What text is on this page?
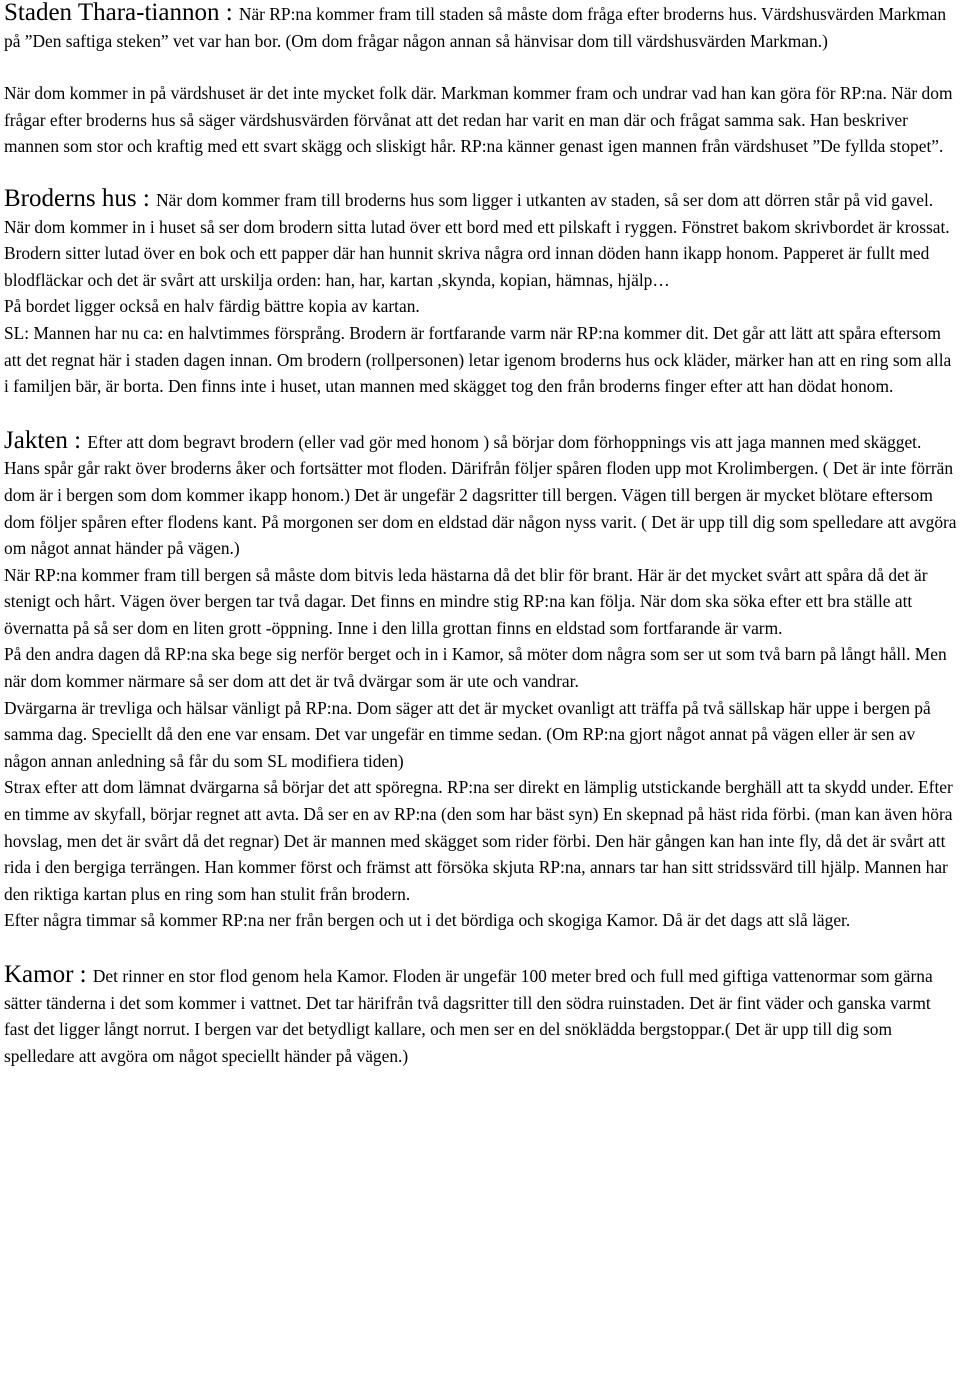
Staden Thara-tiannon : När RP:na kommer fram till staden så måste dom fråga efter broderns hus. Värdshusvärden Markman på ”Den saftiga steken” vet var han bor. (Om dom frågar någon annan så hänvisar dom till värdshusvärden Markman.)

När dom kommer in på värdshuset är det inte mycket folk där. Markman kommer fram och undrar vad han kan göra för RP:na. När dom frågar efter broderns hus så säger värdshusvärden förvånat att det redan har varit en man där och frågat samma sak. Han beskriver mannen som stor och kraftig med ett svart skägg och sliskigt hår. RP:na känner genast igen mannen från värdshuset ”De fyllda stopet”.

Broderns hus : När dom kommer fram till broderns hus som ligger i utkanten av staden, så ser dom att dörren står på vid gavel. När dom kommer in i huset så ser dom brodern sitta lutad över ett bord med ett pilskaft i ryggen. Fönstret bakom skrivbordet är krossat. Brodern sitter lutad över en bok och ett papper där han hunnit skriva några ord innan döden hann ikapp honom. Papperet är fullt med blodfläckar och det är svårt att urskilja orden: han, har, kartan ,skynda, kopian, hämnas, hjälp…

På bordet ligger också en halv färdig bättre kopia av kartan.

SL: Mannen har nu ca: en halvtimmes försprång. Brodern är fortfarande varm när RP:na kommer dit. Det går att lätt att spåra eftersom att det regnat här i staden dagen innan. Om brodern (rollpersonen) letar igenom broderns hus ock kläder, märker han att en ring som alla i familjen bär, är borta. Den finns inte i huset, utan mannen med skägget tog den från broderns finger efter att han dödat honom.

Jakten : Efter att dom begravt brodern (eller vad gör med honom ) så börjar dom förhoppnings vis att jaga mannen med skägget. Hans spår går rakt över broderns åker och fortsätter mot floden. Därifrån följer spåren floden upp mot Krolimbergen. ( Det är inte förrän dom är i bergen som dom kommer ikapp honom.) Det är ungefär 2 dagsritter till bergen. Vägen till bergen är mycket blötare eftersom dom följer spåren efter flodens kant. På morgonen ser dom en eldstad där någon nyss varit. ( Det är upp till dig som spelledare att avgöra om något annat händer på vägen.)

När RP:na kommer fram till bergen så måste dom bitvis leda hästarna då det blir för brant. Här är det mycket svårt att spåra då det är stenigt och hårt. Vägen över bergen tar två dagar. Det finns en mindre stig RP:na kan följa. När dom ska söka efter ett bra ställe att övernatta på så ser dom en liten grott -öppning. Inne i den lilla grottan finns en eldstad som fortfarande är varm.

På den andra dagen då RP:na ska bege sig nerför berget och in i Kamor, så möter dom några som ser ut som två barn på långt håll. Men när dom kommer närmare så ser dom att det är två dvärgar som är ute och vandrar.

Dvärgarna är trevliga och hälsar vänligt på RP:na. Dom säger att det är mycket ovanligt att träffa på två sällskap här uppe i bergen på samma dag. Speciellt då den ene var ensam. Det var ungefär en timme sedan. (Om RP:na gjort något annat på vägen eller är sen av någon annan anledning så får du som SL modifiera tiden)

Strax efter att dom lämnat dvärgarna så börjar det att spöregna. RP:na ser direkt en lämplig utstickande berghäll att ta skydd under. Efter en timme av skyfall, börjar regnet att avta. Då ser en av RP:na (den som har bäst syn) En skepnad på häst rida förbi. (man kan även höra hovslag, men det är svårt då det regnar) Det är mannen med skägget som rider förbi. Den här gången kan han inte fly, då det är svårt att rida i den bergiga terrängen. Han kommer först och främst att försöka skjuta RP:na, annars tar han sitt stridssvärd till hjälp. Mannen har den riktiga kartan plus en ring som han stulit från brodern.

Efter några timmar så kommer RP:na ner från bergen och ut i det bördiga och skogiga Kamor. Då är det dags att slå läger.

Kamor : Det rinner en stor flod genom hela Kamor. Floden är ungefär 100 meter bred och full med giftiga vattenormar som gärna sätter tänderna i det som kommer i vattnet. Det tar härifrån två dagsritter till den södra ruinstaden. Det är fint väder och ganska varmt fast det ligger långt norrut. I bergen var det betydligt kallare, och men ser en del snöklädda bergstoppar.( Det är upp till dig som spelledare att avgöra om något speciellt händer på vägen.)
